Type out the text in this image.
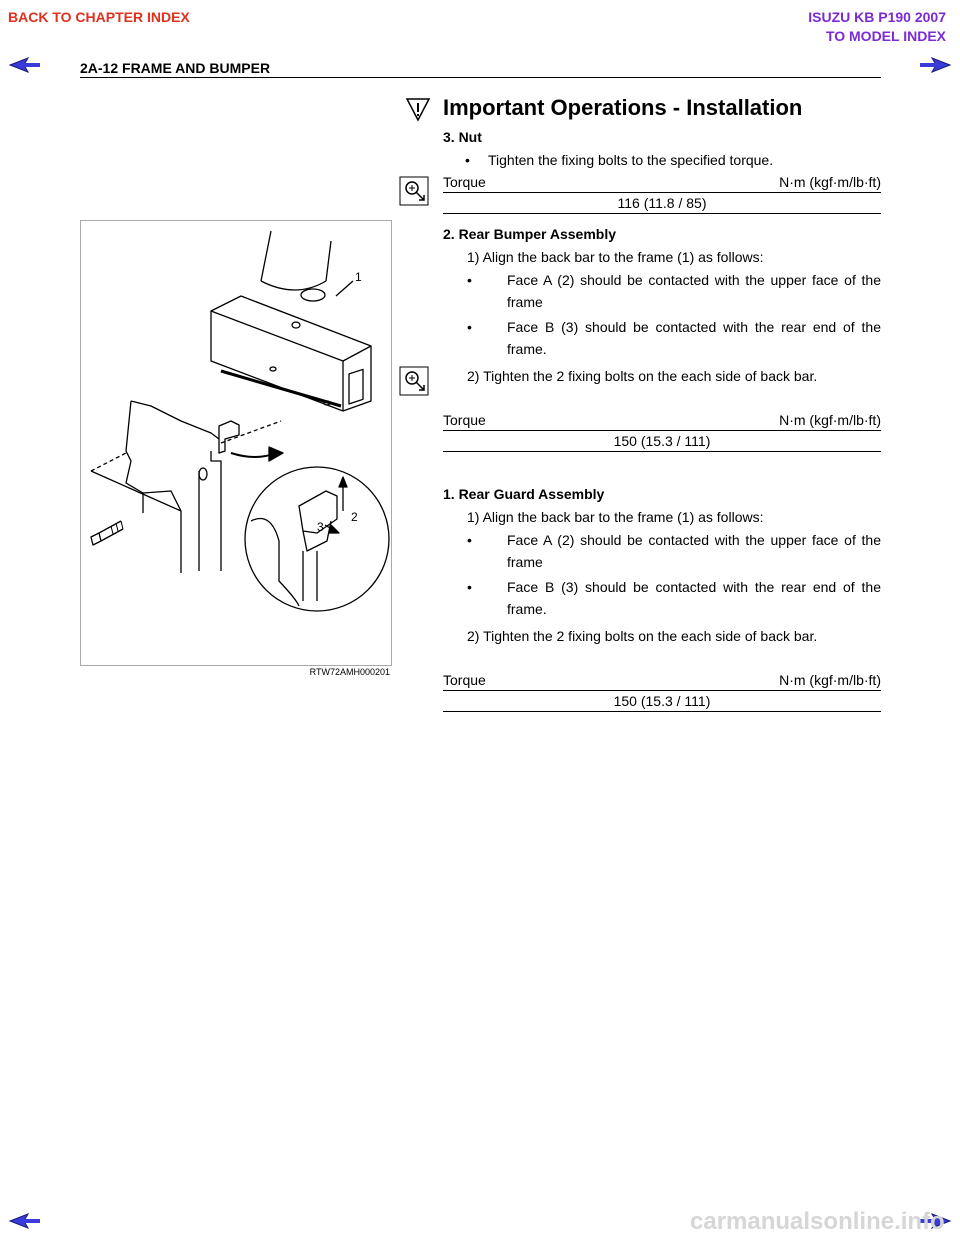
BACK TO CHAPTER INDEX	ISUZU KB P190 2007
TO MODEL INDEX
2A-12 FRAME AND BUMPER
Important Operations - Installation
3. Nut
• Tighten the fixing bolts to the specified torque.
Torque	N·m (kgf·m/lb·ft)
116 (11.8 / 85)
2. Rear Bumper Assembly
1) Align the back bar to the frame (1) as follows:
•	Face A (2) should be contacted with the upper face of the frame
•	Face B (3) should be contacted with the rear end of the frame.
2) Tighten the 2 fixing bolts on the each side of back bar.
Torque	N·m (kgf·m/lb·ft)
150 (15.3 / 111)
1. Rear Guard Assembly
1) Align the back bar to the frame (1) as follows:
•	Face A (2) should be contacted with the upper face of the frame
•	Face B (3) should be contacted with the rear end of the frame.
2) Tighten the 2 fixing bolts on the each side of back bar.
Torque	N·m (kgf·m/lb·ft)
150 (15.3 / 111)
1
2
3
RTW72AMH000201
carmanualsonline.info
